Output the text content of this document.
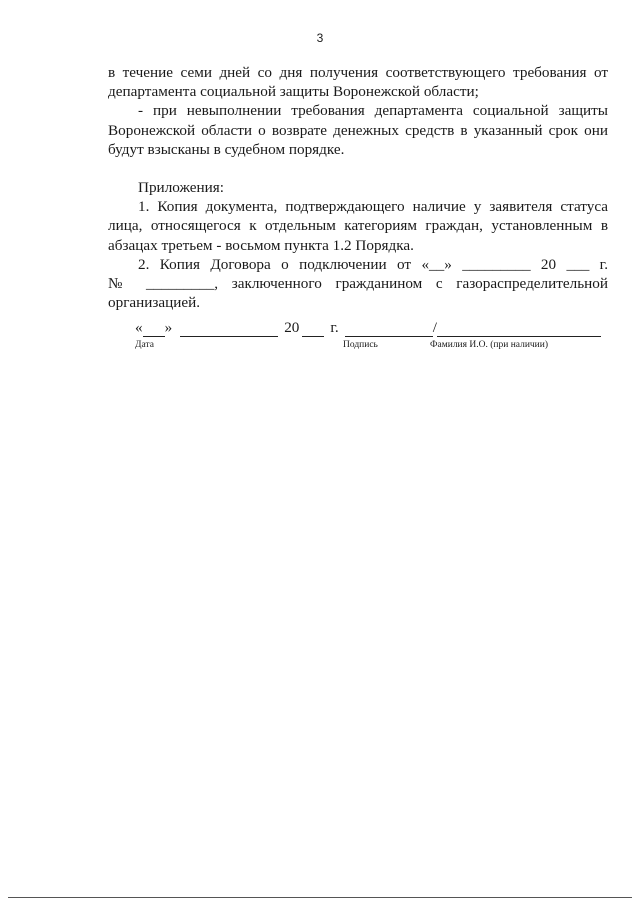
3

в течение семи дней со дня получения соответствующего требования от
департамента социальной защиты Воронежской области;

- при невыполнении требования департамента социальной защиты
Воронежской области о возврате денежных средств в указанный срок они
будут взысканы в судебном порядке.

Приложения:

1. Копия документа, подтверждающего наличие у заявителя статуса
лица, относящегося к отдельным категориям граждан, установленным в
абзацах третьем - восьмом пункта 1.2 Порядка.

2. Копия Договора о подключении от «__» _________ 20 ___ г.
№ _________, заключенного гражданином с газораспределительной
организацией.

« »	20 г.	/
Дата	Подпись	Фамилия И.О. (при наличии)
